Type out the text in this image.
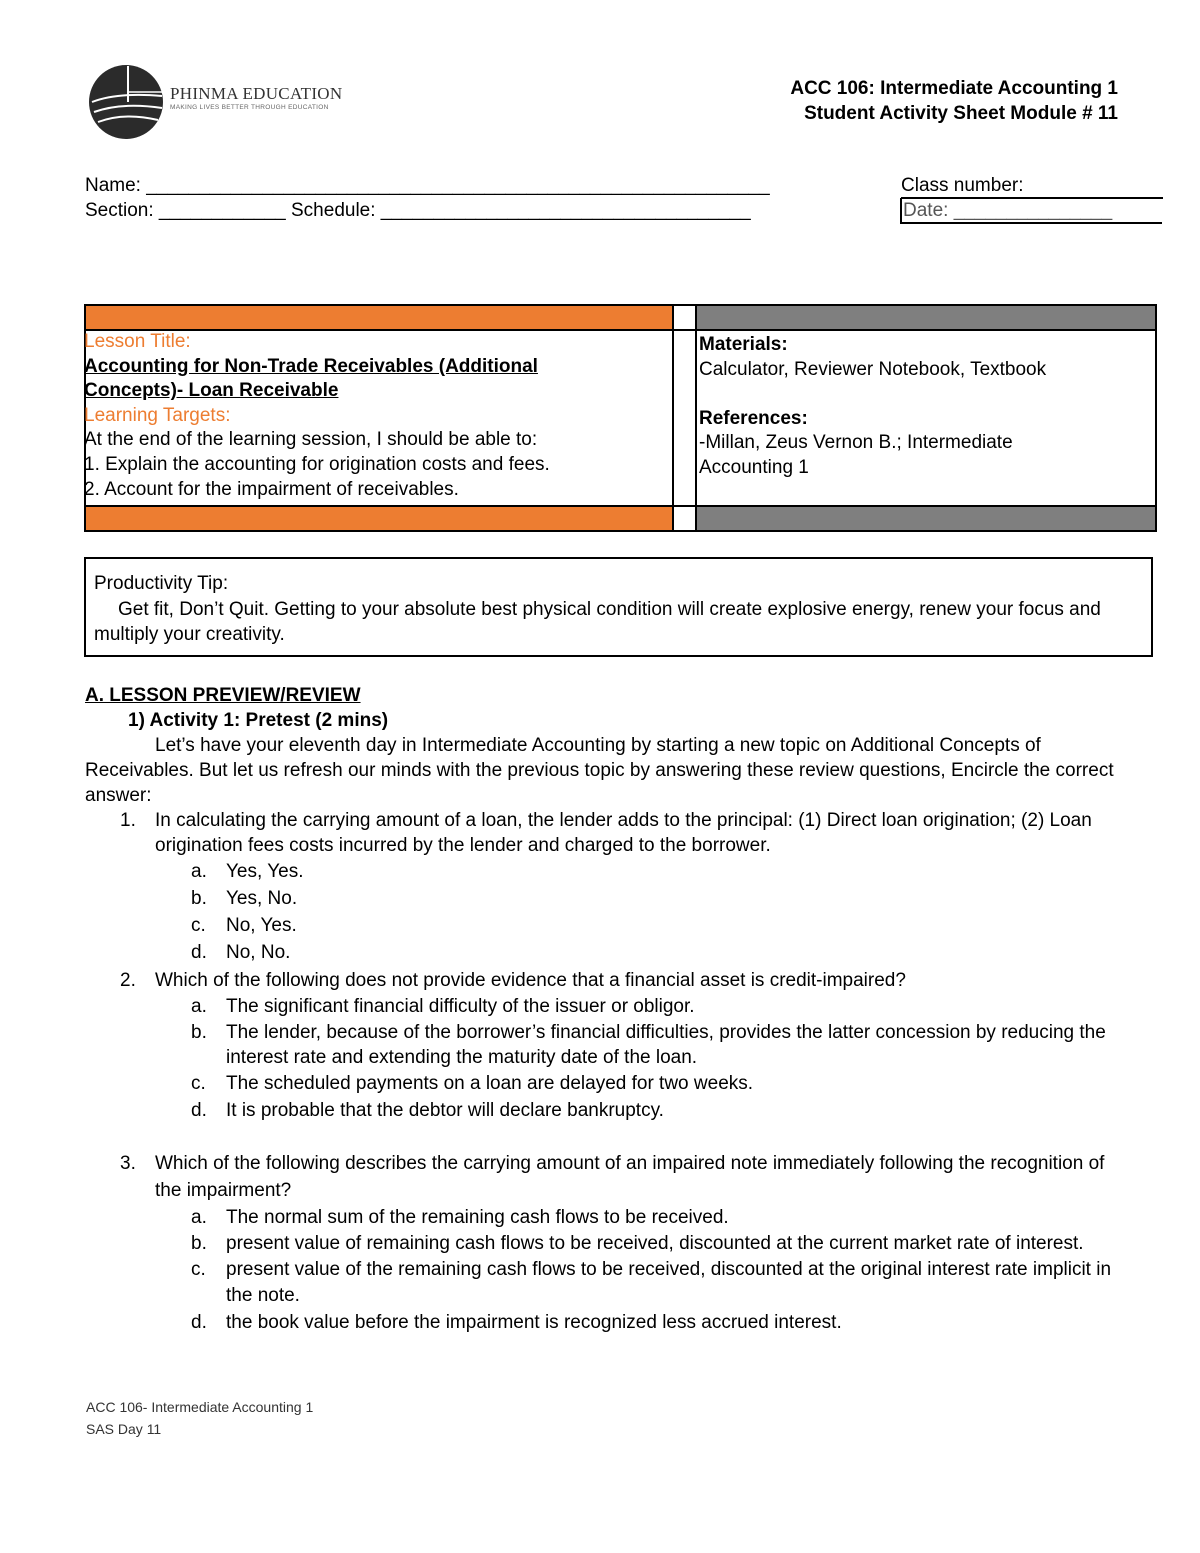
PHINMA EDUCATION
MAKING LIVES BETTER THROUGH EDUCATION
ACC 106: Intermediate Accounting 1
Student Activity Sheet Module # 11
Name: ___________________________________________________________
Section: ____________ Schedule: ___________________________________
Class number:
Date: _______________
Lesson Title:
Accounting for Non-Trade Receivables (Additional
Concepts)- Loan Receivable
Learning Targets:
At the end of the learning session, I should be able to:
1. Explain the accounting for origination costs and fees.
2. Account for the impairment of receivables.
Materials:
Calculator, Reviewer Notebook, Textbook
References:
-Millan, Zeus Vernon B.; Intermediate
Accounting 1
Productivity Tip:
Get fit, Don’t Quit. Getting to your absolute best physical condition will create explosive energy, renew your focus and multiply your creativity.
A. LESSON PREVIEW/REVIEW
1) Activity 1: Pretest (2 mins)
Let’s have your eleventh day in Intermediate Accounting by starting a new topic on Additional Concepts of Receivables. But let us refresh our minds with the previous topic by answering these review questions, Encircle the correct answer:
1. In calculating the carrying amount of a loan, the lender adds to the principal: (1) Direct loan origination; (2) Loan origination fees costs incurred by the lender and charged to the borrower.
a. Yes, Yes.
b. Yes, No.
c. No, Yes.
d. No, No.
2. Which of the following does not provide evidence that a financial asset is credit-impaired?
a. The significant financial difficulty of the issuer or obligor.
b. The lender, because of the borrower’s financial difficulties, provides the latter concession by reducing the interest rate and extending the maturity date of the loan.
c. The scheduled payments on a loan are delayed for two weeks.
d. It is probable that the debtor will declare bankruptcy.
3. Which of the following describes the carrying amount of an impaired note immediately following the recognition of the impairment?
a. The normal sum of the remaining cash flows to be received.
b. present value of remaining cash flows to be received, discounted at the current market rate of interest.
c. present value of the remaining cash flows to be received, discounted at the original interest rate implicit in the note.
d. the book value before the impairment is recognized less accrued interest.
ACC 106- Intermediate Accounting 1
SAS Day 11
